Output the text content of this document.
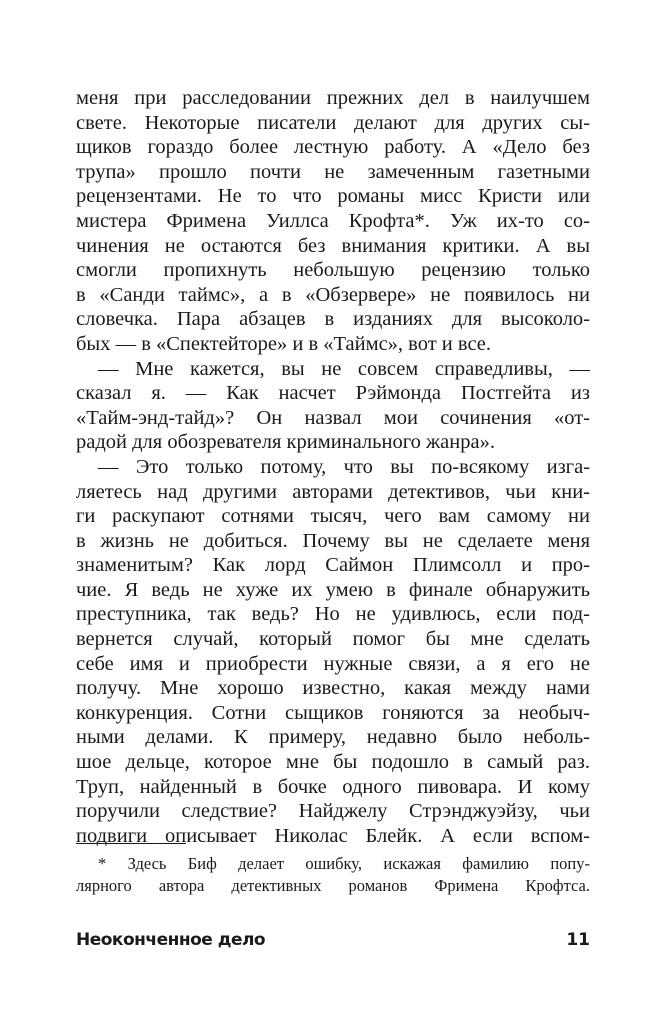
меня при расследовании прежних дел в наилучшем
свете. Некоторые писатели делают для других сы-
щиков гораздо более лестную работу. А «Дело без
трупа» прошло почти не замеченным газетными
рецензентами. Не то что романы мисс Кристи или
мистера Фримена Уиллса Крофта*. Уж их-то со-
чинения не остаются без внимания критики. А вы
смогли пропихнуть небольшую рецензию только
в «Санди таймс», а в «Обзервере» не появилось ни
словечка. Пара абзацев в изданиях для высоколо-
бых — в «Спектейторе» и в «Таймс», вот и все.
— Мне кажется, вы не совсем справедливы, —
сказал я. — Как насчет Рэймонда Постгейта из
«Тайм-энд-тайд»? Он назвал мои сочинения «от-
радой для обозревателя криминального жанра».
— Это только потому, что вы по-всякому изга-
ляетесь над другими авторами детективов, чьи кни-
ги раскупают сотнями тысяч, чего вам самому ни
в жизнь не добиться. Почему вы не сделаете меня
знаменитым? Как лорд Саймон Плимсолл и про-
чие. Я ведь не хуже их умею в финале обнаружить
преступника, так ведь? Но не удивлюсь, если под-
вернется случай, который помог бы мне сделать
себе имя и приобрести нужные связи, а я его не
получу. Мне хорошо известно, какая между нами
конкуренция. Сотни сыщиков гоняются за необыч-
ными делами. К примеру, недавно было неболь-
шое дельце, которое мне бы подошло в самый раз.
Труп, найденный в бочке одного пивовара. И кому
поручили следствие? Найджелу Стрэнджуэйзу, чьи
подвиги описывает Николас Блейк. А если вспом-
* Здесь Биф делает ошибку, искажая фамилию попу-
лярного автора детективных романов Фримена Крофтса.
Неоконченное дело	11
